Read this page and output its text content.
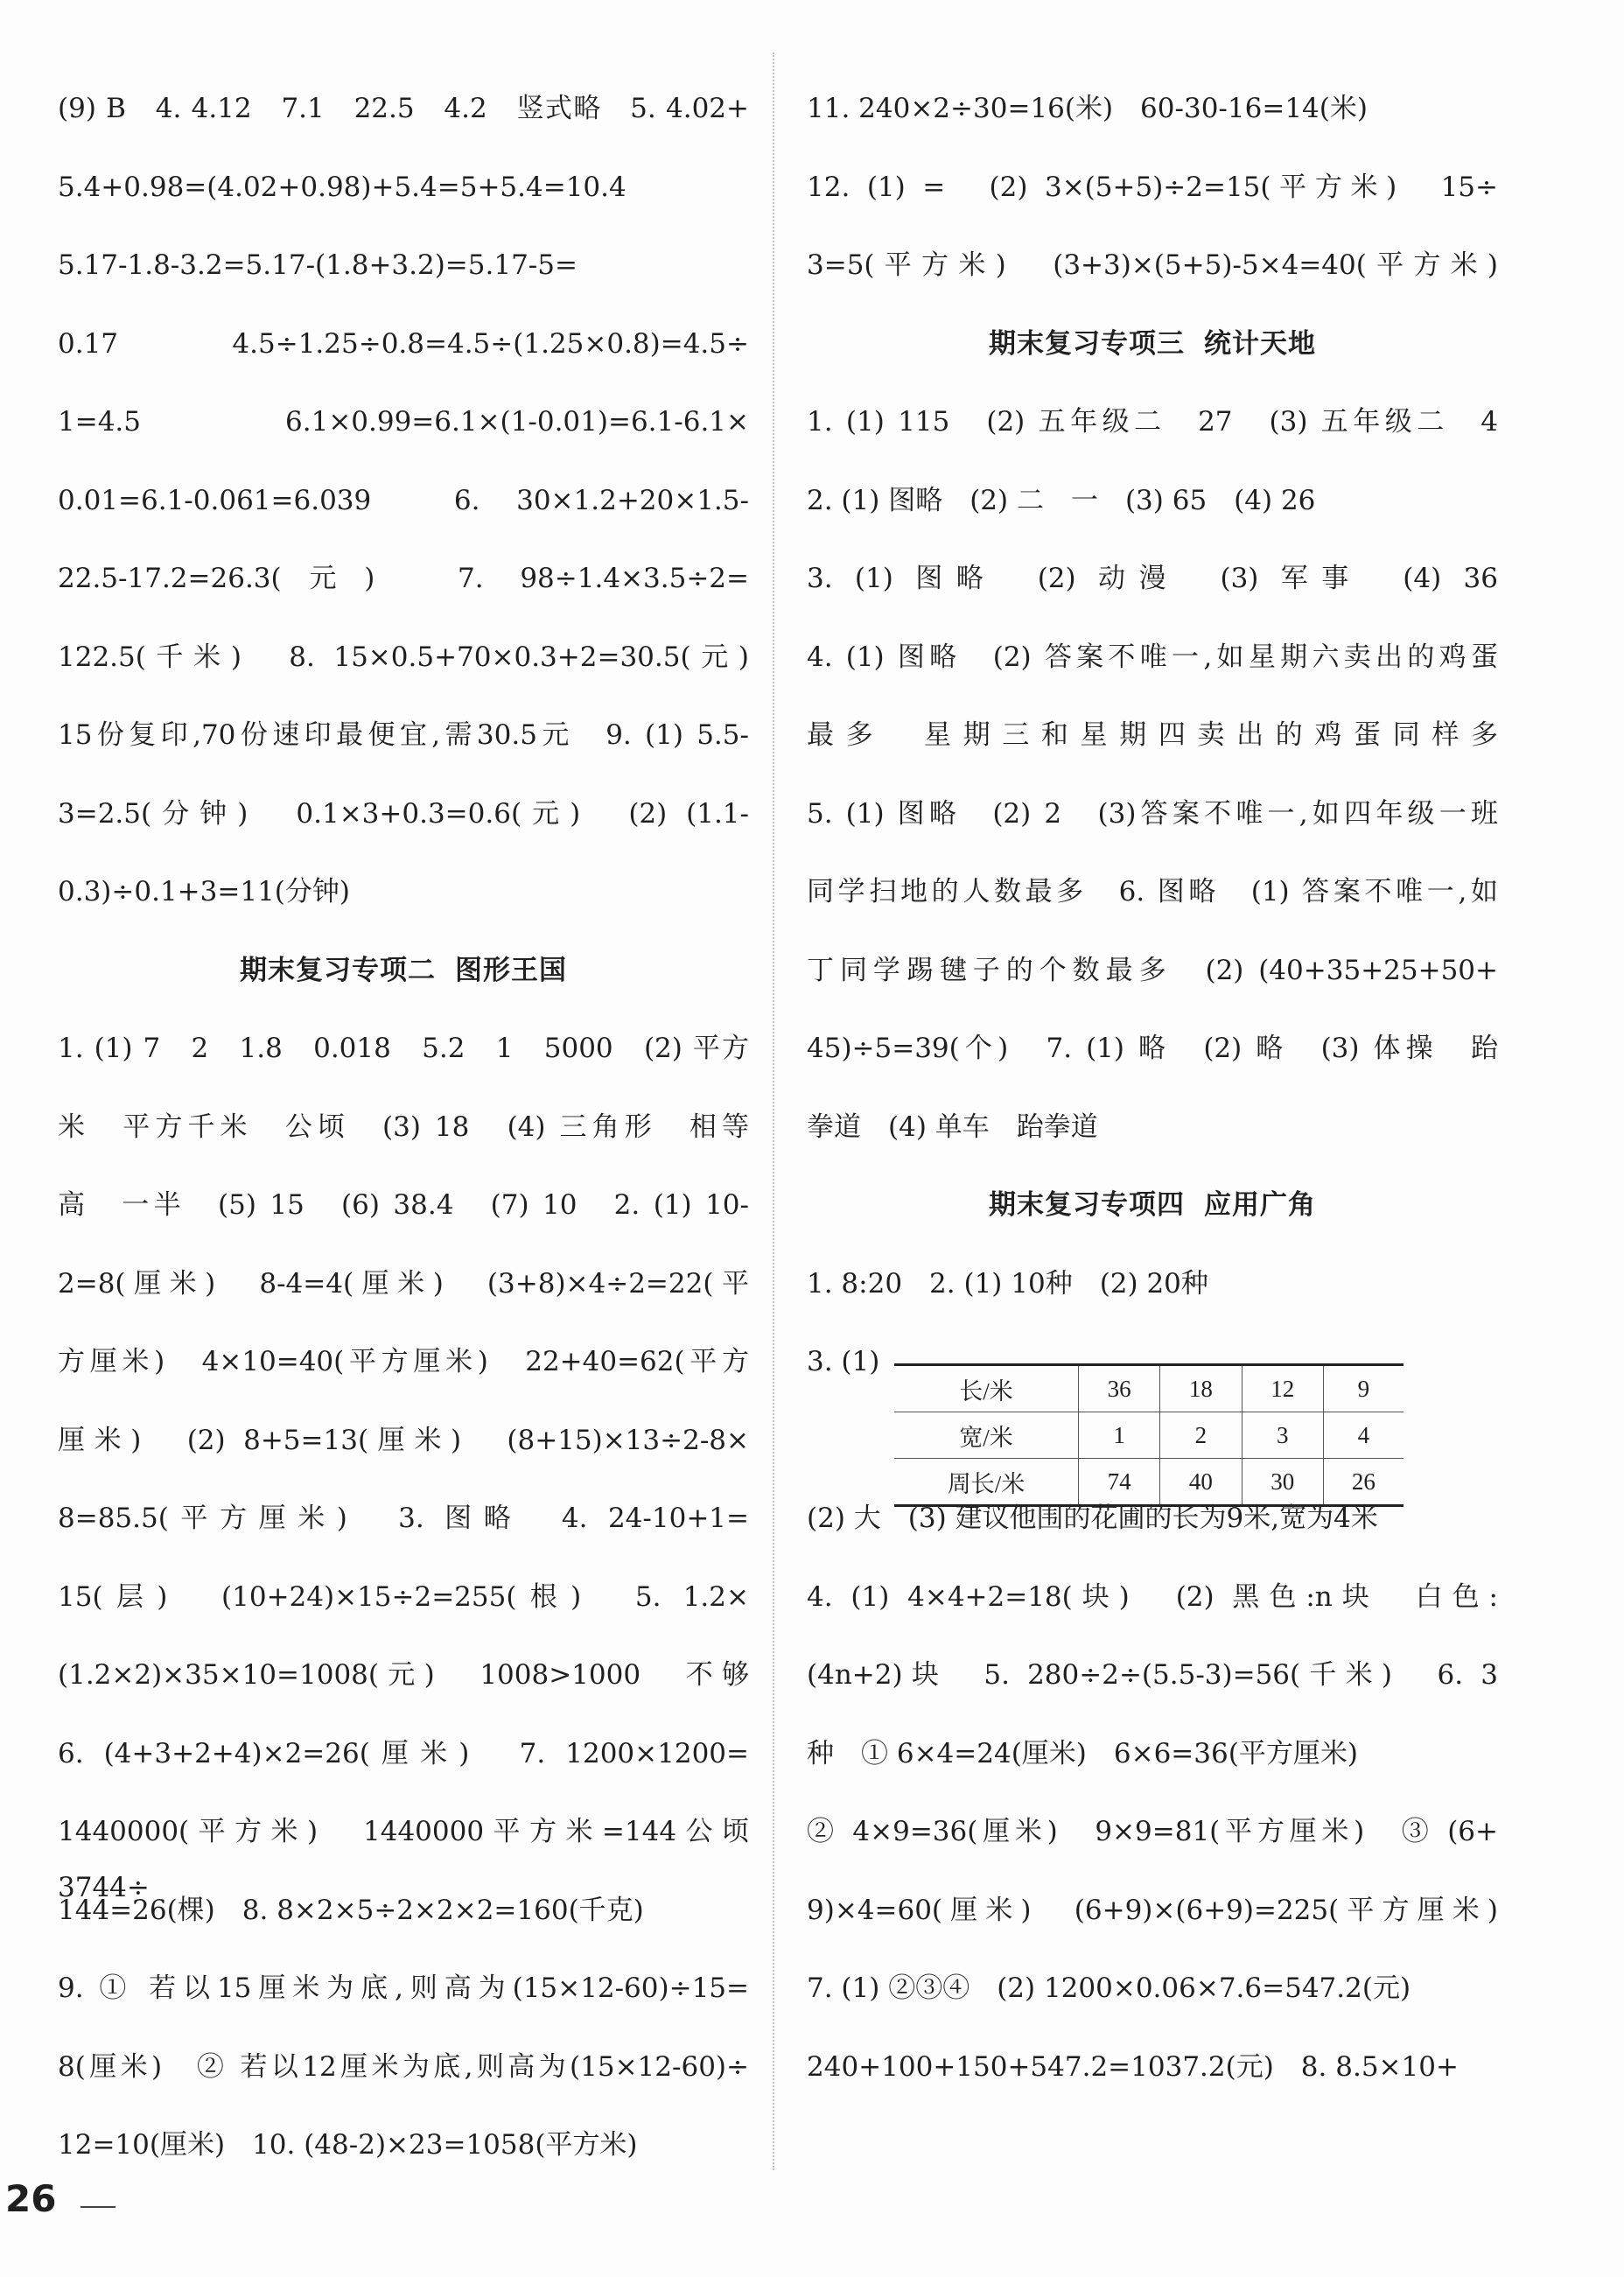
(9) B　4. 4.12　7.1　22.5　4.2　竖式略　5. 4.02+
5.4+0.98=(4.02+0.98)+5.4=5+5.4=10.4
5.17-1.8-3.2=5.17-(1.8+3.2)=5.17-5=
0.17　4.5÷1.25÷0.8=4.5÷(1.25×0.8)=4.5÷
1=4.5　6.1×0.99=6.1×(1-0.01)=6.1-6.1×
0.01=6.1-0.061=6.039　6. 30×1.2+20×1.5-
22.5-17.2=26.3(元)　7. 98÷1.4×3.5÷2=
122.5(千米)　8. 15×0.5+70×0.3+2=30.5(元)
15份复印,70份速印最便宜,需30.5元　9. (1) 5.5-
3=2.5(分钟)　0.1×3+0.3=0.6(元)　(2) (1.1-
0.3)÷0.1+3=11(分钟)
期末复习专项二 图形王国
1. (1) 7　2　1.8　0.018　5.2　1　5000　(2) 平方
米　平方千米　公顷　(3) 18　(4) 三角形　相等
高　一半　(5) 15　(6) 38.4　(7) 10　2. (1) 10-
2=8(厘米)　8-4=4(厘米)　(3+8)×4÷2=22(平
方厘米)　4×10=40(平方厘米)　22+40=62(平方
厘米)　(2) 8+5=13(厘米)　(8+15)×13÷2-8×
8=85.5(平方厘米)　3. 图略　4. 24-10+1=
15(层)　(10+24)×15÷2=255(根)　5. 1.2×
(1.2×2)×35×10=1008(元)　1008>1000　不够
6. (4+3+2+4)×2=26(厘米)　7. 1200×1200=
1440000(平方米)　1440000平方米=144公顷　3744÷
144=26(棵)　8. 8×2×5÷2×2×2=160(千克)
9. ① 若以15厘米为底,则高为(15×12-60)÷15=
8(厘米)　② 若以12厘米为底,则高为(15×12-60)÷
12=10(厘米)　10. (48-2)×23=1058(平方米)
11. 240×2÷30=16(米)　60-30-16=14(米)
12. (1) =　(2) 3×(5+5)÷2=15(平方米)　15÷
3=5(平方米)　(3+3)×(5+5)-5×4=40(平方米)
期末复习专项三 统计天地
1. (1) 115　(2) 五年级二　27　(3) 五年级二　4
2. (1) 图略　(2) 二　一　(3) 65　(4) 26
3. (1) 图略　(2) 动漫　(3) 军事　(4) 36
4. (1) 图略　(2) 答案不唯一,如星期六卖出的鸡蛋
最多　星期三和星期四卖出的鸡蛋同样多
5. (1) 图略　(2) 2　(3)答案不唯一,如四年级一班
同学扫地的人数最多　6. 图略　(1) 答案不唯一,如
丁同学踢毽子的个数最多　(2) (40+35+25+50+
45)÷5=39(个)　7. (1) 略　(2) 略　(3) 体操　跆
拳道　(4) 单车　跆拳道
期末复习专项四 应用广角
1. 8:20　2. (1) 10种　(2) 20种
3. (1)
长/米	36	18	12	9
宽/米	1	2	3	4
周长/米	74	40	30	26
(2) 大　(3) 建议他围的花圃的长为9米,宽为4米
4. (1) 4×4+2=18(块)　(2) 黑色:n块　白色:
(4n+2)块　5. 280÷2÷(5.5-3)=56(千米)　6. 3
种　① 6×4=24(厘米)　6×6=36(平方厘米)
② 4×9=36(厘米)　9×9=81(平方厘米)　③ (6+
9)×4=60(厘米)　(6+9)×(6+9)=225(平方厘米)
7. (1) ②③④　(2) 1200×0.06×7.6=547.2(元)
240+100+150+547.2=1037.2(元)　8. 8.5×10+
26
